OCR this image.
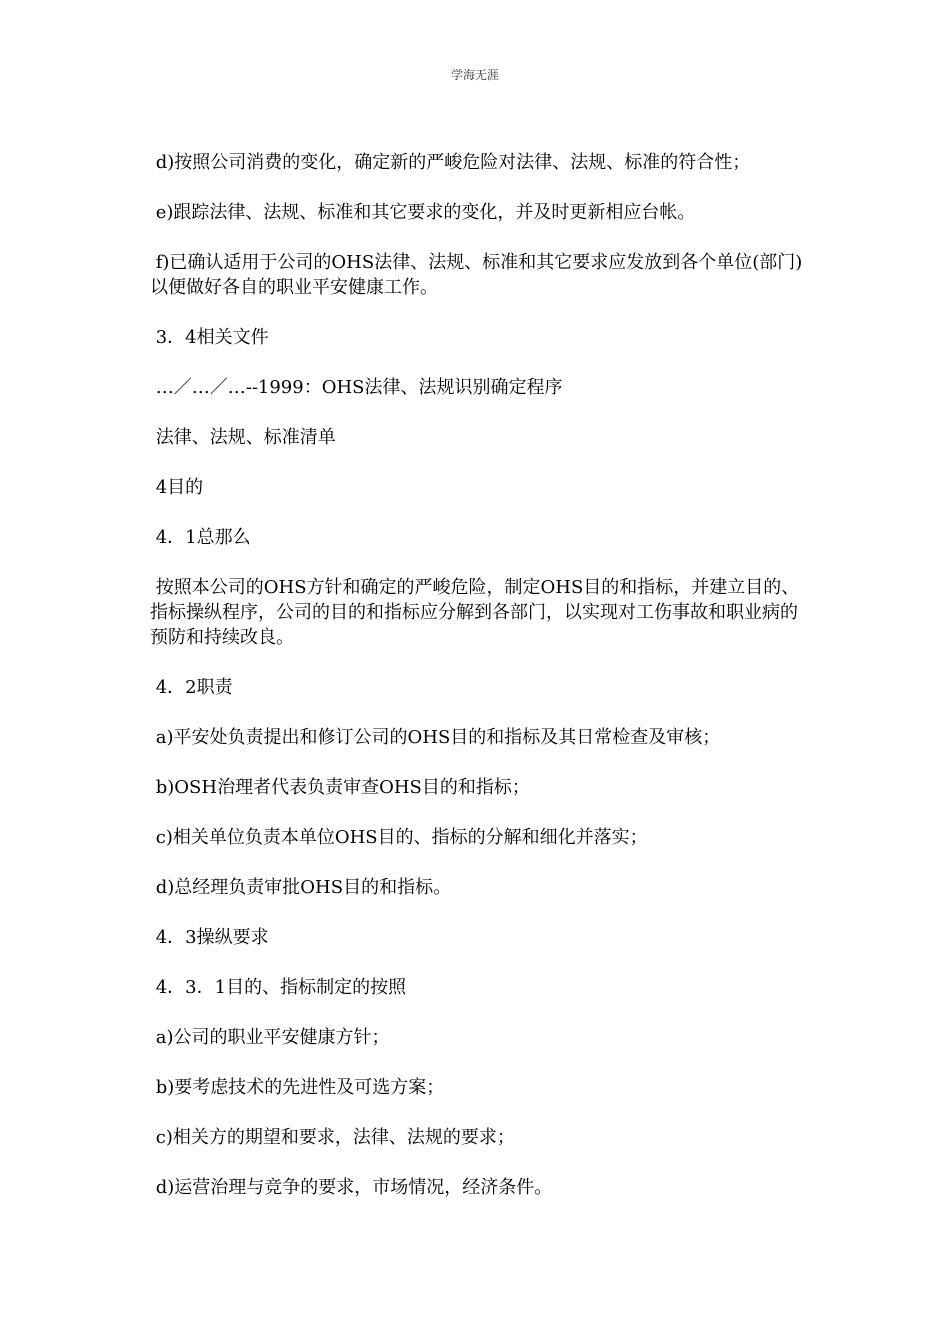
学海无涯

d)按照公司消费的变化，确定新的严峻危险对法律、法规、标准的符合性；

e)跟踪法律、法规、标准和其它要求的变化，并及时更新相应台帐。

f)已确认适用于公司的OHS法律、法规、标准和其它要求应发放到各个单位(部门)以便做好各自的职业平安健康工作。

3．4相关文件

…／…／…--1999：OHS法律、法规识别确定程序

法律、法规、标准清单

4目的

4．1总那么

按照本公司的OHS方针和确定的严峻危险，制定OHS目的和指标，并建立目的、指标操纵程序，公司的目的和指标应分解到各部门，以实现对工伤事故和职业病的预防和持续改良。

4．2职责

a)平安处负责提出和修订公司的OHS目的和指标及其日常检查及审核；

b)OSH治理者代表负责审查OHS目的和指标；

c)相关单位负责本单位OHS目的、指标的分解和细化并落实；

d)总经理负责审批OHS目的和指标。

4．3操纵要求

4．3．1目的、指标制定的按照

a)公司的职业平安健康方针；

b)要考虑技术的先进性及可选方案；

c)相关方的期望和要求，法律、法规的要求；

d)运营治理与竞争的要求，市场情况，经济条件。
